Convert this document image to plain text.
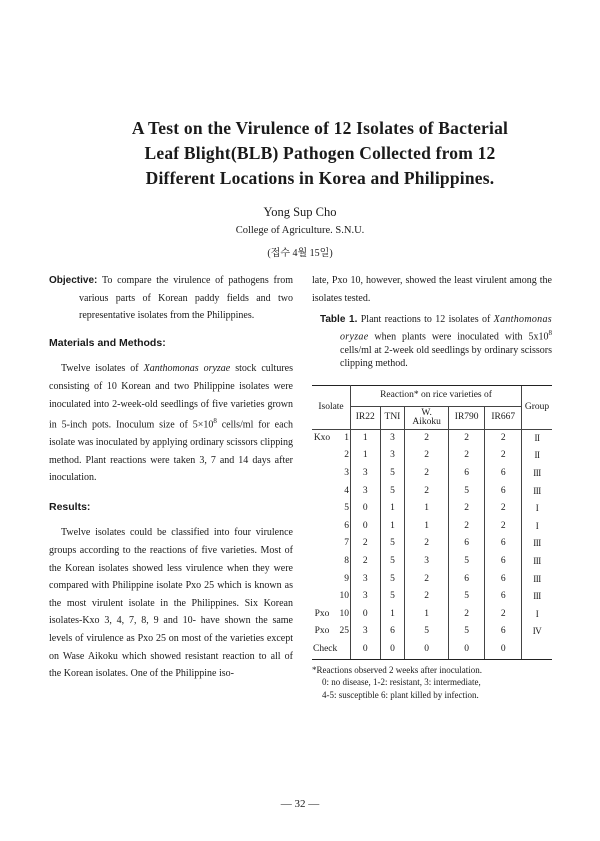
A Test on the Virulence of 12 Isolates of Bacterial
Leaf Blight(BLB) Pathogen Collected from 12
Different Locations in Korea and Philippines.
Yong Sup Cho
College of Agriculture. S.N.U.
(접수 4월 15일)
Objective: To compare the virulence of pathogens from various parts of Korean paddy fields and two representative isolates from the Philippines.
Materials and Methods:

Twelve isolates of Xanthomonas oryzae stock cultures consisting of 10 Korean and two Philippine isolates were inoculated into 2-week-old seedlings of five varieties grown in 5-inch pots. Inoculum size of $5\times 10^8$ cells/ml for each isolate was inoculated by applying ordinary scissors clipping method. Plant reactions were taken 3, 7 and 14 days after inoculation.

Results:

Twelve isolates could be classified into four virulence groups according to the reactions of five varieties. Most of the Korean isolates showed less virulence when they were compared with Philippine isolate Pxo 25 which is known as the most virulent isolate in the Philippines. Six Korean isolates-Kxo 3, 4, 7, 8, 9 and 10- have shown the same levels of virulence as Pxo 25 on most of the varieties except on Wase Aikoku which showed resistant reaction to all of the Korean isolates. One of the Philippine iso-

late, Pxo 10, however, showed the least virulent among the isolates tested.
Table 1. Plant reactions to 12 isolates of Xanthomonas oryzae when plants were inoculated with $5x10^8$ cells/ml at 2-week old seedlings by ordinary scissors clipping method.
Isolate	Reaction* on rice varieties of					Group
	IR22	TNI	W.
Aikoku	IR790	IR667	
Kxo 1	1	3	2	2	2	II
2	1	3	2	2	2	II
3	3	5	2	6	6	III
4	3	5	2	5	6	III
5	0	1	1	2	2	I
6	0	1	1	2	2	I
7	2	5	2	6	6	III
8	2	5	3	5	6	III
9	3	5	2	6	6	III
10	3	5	2	5	6	III
Pxo 10	0	1	1	2	2	I
Pxo 25	3	6	5	5	6	IV
Check	0	0	0	0	0	
*Reactions observed 2 weeks after inoculation.
0: no disease, 1-2: resistant, 3: intermediate,
4-5: susceptible 6: plant killed by infection.
— 32 —
